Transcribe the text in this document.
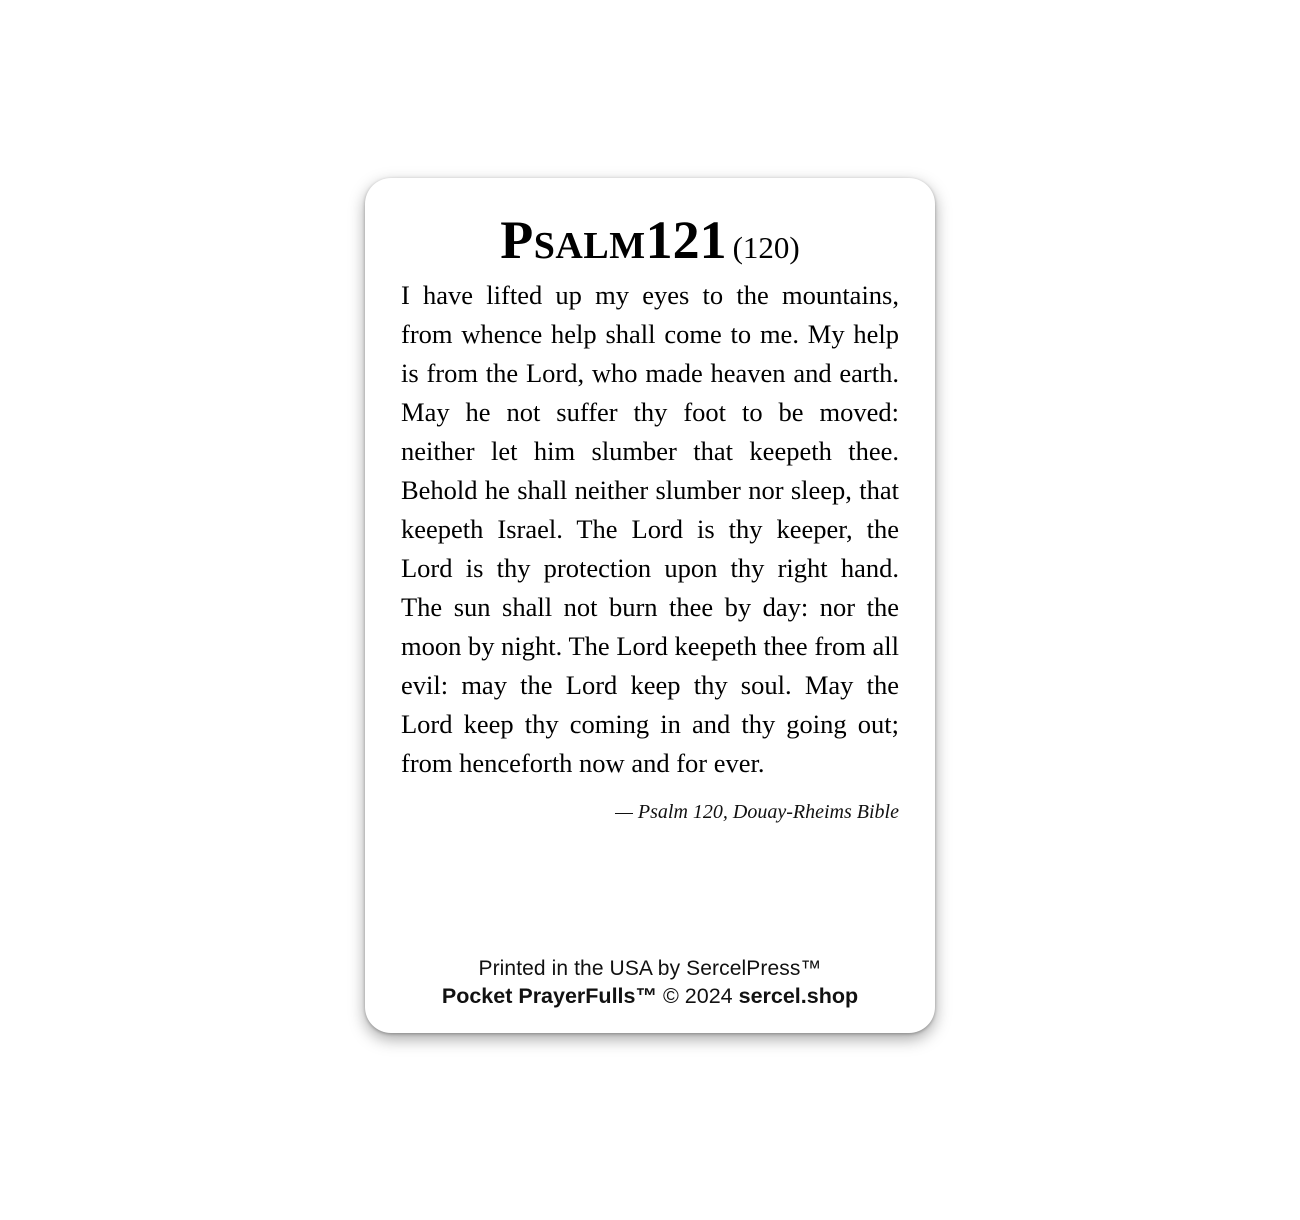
Psalm121 (120)

I have lifted up my eyes to the mountains, from whence help shall come to me. My help is from the Lord, who made heaven and earth. May he not suffer thy foot to be moved: neither let him slumber that keepeth thee. Behold he shall neither slumber nor sleep, that keepeth Israel. The Lord is thy keeper, the Lord is thy protection upon thy right hand. The sun shall not burn thee by day: nor the moon by night. The Lord keepeth thee from all evil: may the Lord keep thy soul. May the Lord keep thy coming in and thy going out; from henceforth now and for ever.

— Psalm 120, Douay-Rheims Bible
Printed in the USA by SercelPress™
Pocket PrayerFulls™ © 2024 sercel.shop
